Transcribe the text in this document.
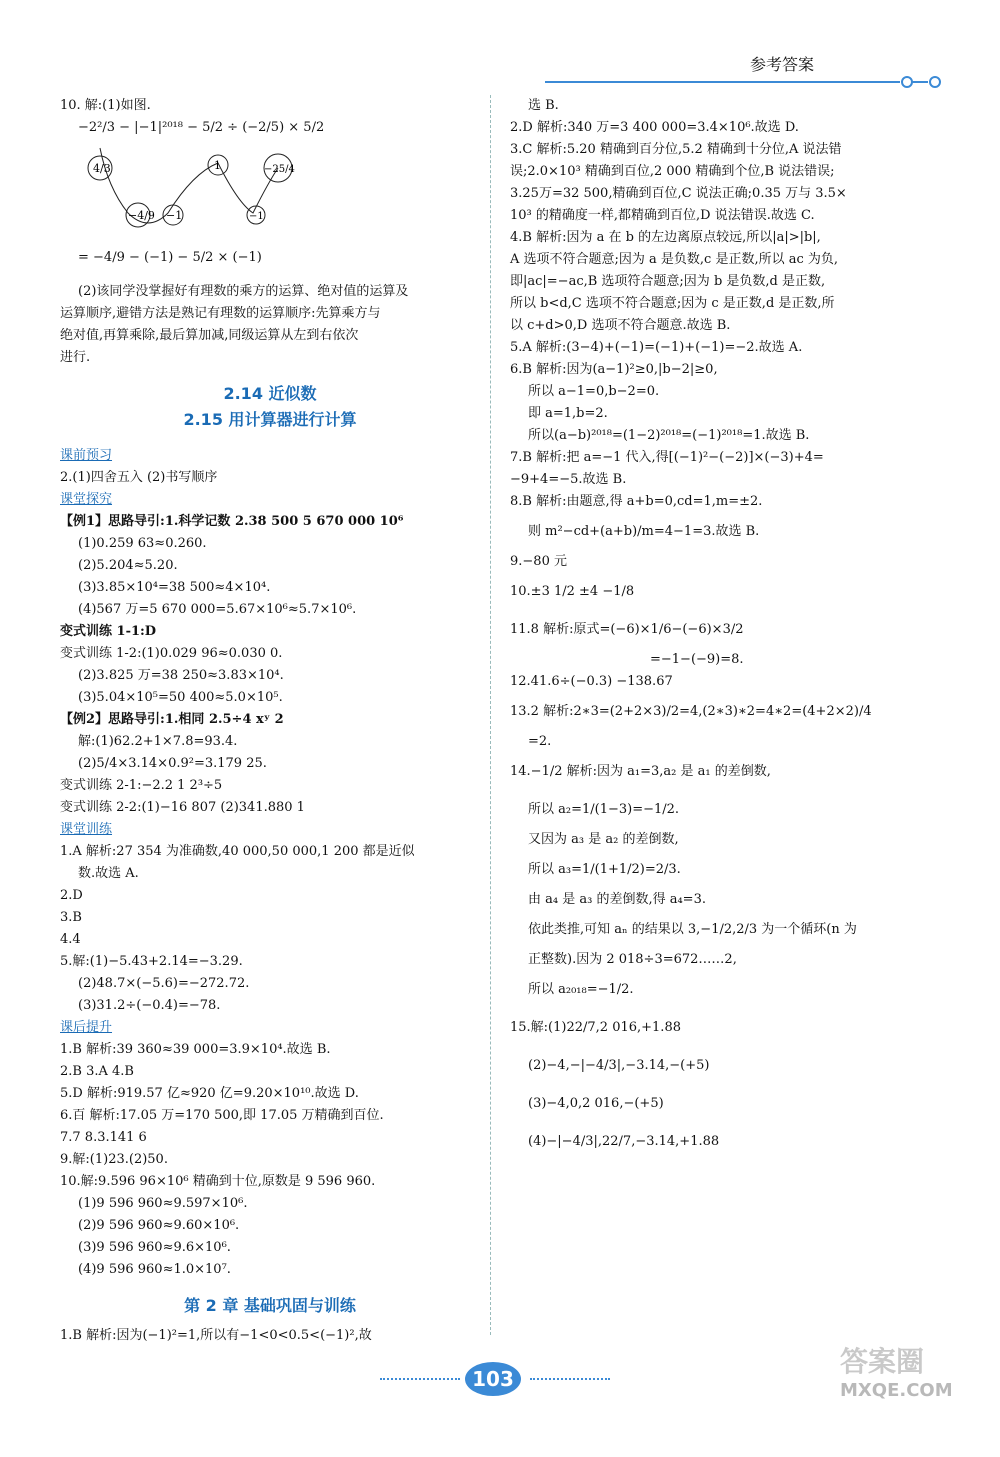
参考答案
10. 解:(1)如图.
−2²/3 − |−1|²⁰¹⁸ − 5/2 ÷ (−2/5) × 5/2
4/3	1	−25/4
−4/9 −1	−1
= −4/9 − (−1) − 5/2 × (−1)
(2)该同学没掌握好有理数的乘方的运算、绝对值的运算及
运算顺序,避错方法是熟记有理数的运算顺序:先算乘方与
绝对值,再算乘除,最后算加减,同级运算从左到右依次
进行.
2.14 近似数
2.15 用计算器进行计算
课前预习
2.(1)四舍五入 (2)书写顺序
课堂探究
【例1】思路导引:1.科学记数 2.38 500 5 670 000 10⁶
(1)0.259 63≈0.260.
(2)5.204≈5.20.
(3)3.85×10⁴=38 500≈4×10⁴.
(4)567 万=5 670 000=5.67×10⁶≈5.7×10⁶.
变式训练 1-1:D
变式训练 1-2:(1)0.029 96≈0.030 0.
(2)3.825 万=38 250≈3.83×10⁴.
(3)5.04×10⁵=50 400≈5.0×10⁵.
【例2】思路导引:1.相同 2.5÷4 xʸ 2
解:(1)62.2+1×7.8=93.4.
(2)5/4×3.14×0.9²=3.179 25.
变式训练 2-1:−2.2 1 2³÷5
变式训练 2-2:(1)−16 807 (2)341.880 1
课堂训练
1.A 解析:27 354 为准确数,40 000,50 000,1 200 都是近似
数.故选 A.
2.D
3.B
4.4
5.解:(1)−5.43+2.14=−3.29.
(2)48.7×(−5.6)=−272.72.
(3)31.2÷(−0.4)=−78.
课后提升
1.B 解析:39 360≈39 000=3.9×10⁴.故选 B.
2.B 3.A 4.B
5.D 解析:919.57 亿≈920 亿=9.20×10¹⁰.故选 D.
6.百 解析:17.05 万=170 500,即 17.05 万精确到百位.
7.7 8.3.141 6
9.解:(1)23.(2)50.
10.解:9.596 96×10⁶ 精确到十位,原数是 9 596 960.
(1)9 596 960≈9.597×10⁶.
(2)9 596 960≈9.60×10⁶.
(3)9 596 960≈9.6×10⁶.
(4)9 596 960≈1.0×10⁷.
第 2 章 基础巩固与训练
1.B 解析:因为(−1)²=1,所以有−1<0<0.5<(−1)²,故
选 B.
2.D 解析:340 万=3 400 000=3.4×10⁶.故选 D.
3.C 解析:5.20 精确到百分位,5.2 精确到十分位,A 说法错
误;2.0×10³ 精确到百位,2 000 精确到个位,B 说法错误;
3.25万=32 500,精确到百位,C 说法正确;0.35 万与 3.5×
10³ 的精确度一样,都精确到百位,D 说法错误.故选 C.
4.B 解析:因为 a 在 b 的左边离原点较远,所以|a|>|b|,
A 选项不符合题意;因为 a 是负数,c 是正数,所以 ac 为负,
即|ac|=−ac,B 选项符合题意;因为 b 是负数,d 是正数,
所以 b<d,C 选项不符合题意;因为 c 是正数,d 是正数,所
以 c+d>0,D 选项不符合题意.故选 B.
5.A 解析:(3−4)+(−1)=(−1)+(−1)=−2.故选 A.
6.B 解析:因为(a−1)²≥0,|b−2|≥0,
所以 a−1=0,b−2=0.
即 a=1,b=2.
所以(a−b)²⁰¹⁸=(1−2)²⁰¹⁸=(−1)²⁰¹⁸=1.故选 B.
7.B 解析:把 a=−1 代入,得[(−1)²−(−2)]×(−3)+4=
−9+4=−5.故选 B.
8.B 解析:由题意,得 a+b=0,cd=1,m=±2.
则 m²−cd+(a+b)/m=4−1=3.故选 B.
9.−80 元
10.±3 1/2 ±4 −1/8
11.8 解析:原式=(−6)×1/6−(−6)×3/2
=−1−(−9)=8.
12.41.6÷(−0.3) −138.67
13.2 解析:2∗3=(2+2×3)/2=4,(2∗3)∗2=4∗2=(4+2×2)/4
=2.
14.−1/2 解析:因为 a₁=3,a₂ 是 a₁ 的差倒数,
所以 a₂=1/(1−3)=−1/2.
又因为 a₃ 是 a₂ 的差倒数,
所以 a₃=1/(1+1/2)=2/3.
由 a₄ 是 a₃ 的差倒数,得 a₄=3.
依此类推,可知 aₙ 的结果以 3,−1/2,2/3 为一个循环(n 为
正整数).因为 2 018÷3=672……2,
所以 a₂₀₁₈=−1/2.
15.解:(1)22/7,2 016,+1.88
(2)−4,−|−4/3|,−3.14,−(+5)
(3)−4,0,2 016,−(+5)
(4)−|−4/3|,22/7,−3.14,+1.88
103
答案圈
MXQE.COM
